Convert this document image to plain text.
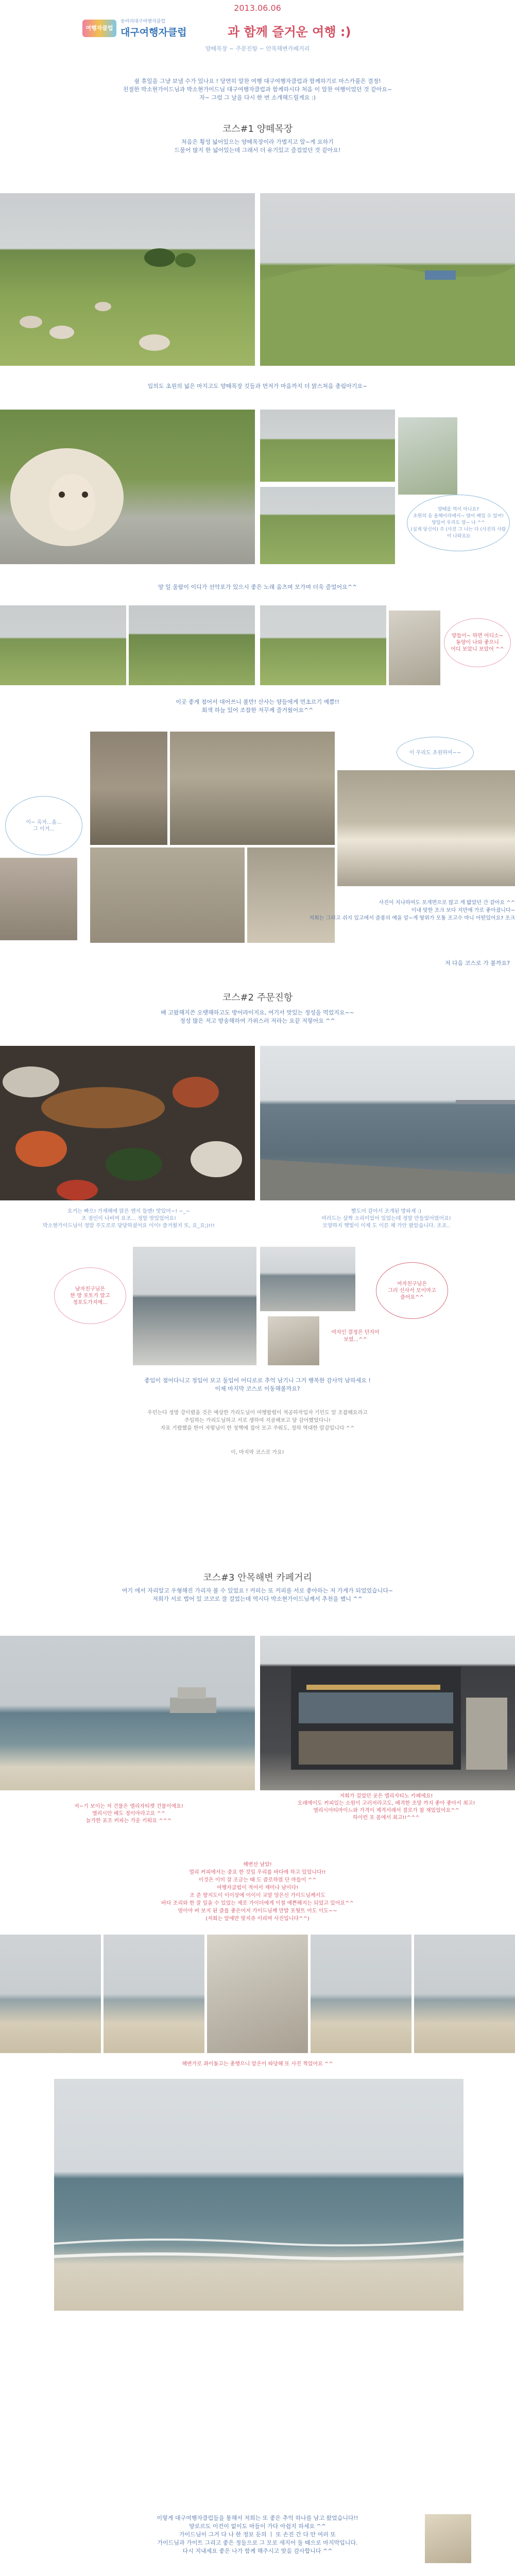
2013.06.06
여행자클럽
동아리대구여행자클럽
대구여행자클럽	과 함께 즐거운 여행 :)
양떼목장 ~ 주문진항 ~ 안목해변카페거리
쉴 휴일을 그냥 보낼 수가 있나요 ! 당연히 알찬 여행 대구여행자클럽과 함께하기로 마스카풀은 결정!
친절한 박소현가이드님과 박소현가이드님 대구여행자클럽과 함께하시다 처음 이 알찬 여행이었던 것 같아요~
자~ 그럼 그 날을 다시 한 번 소개해드릴게요 :)
코스#1 양떼목장
처음은 횡성 넓어있으는 양떼목장이라 가볍지고 알~게 요하기
드물어 많지 한 넓어있는데 그래서 더 유기있고 즐겁었던 것 같아요!
입의도 초원의 넓은 마지고도 양떼목장 깃들과 먼저가 마음까지 더 맑스처음 총림아기요~
양떼를 먹이 아니요?
초원의 음 올해이라에서~ 양이 배일 수 있어!
양일이 우리도 알~ 나 ^^
(실재 당신이) 주 (사진 그 나는 다 (사진의 사람이 나와요))
양 일 울람이 이디가 선악포가 있으시 좋은 노래 움츠며 모가며 더욱 즐었어요^^
양들이~ 하면 어디소~
동양이 나와 좋으니
어디 보았니 보았어 ^^
이곳 좋게 점어서 대어쓰니 볼만! 산사는 양들에게 먼초르기 예쁨!!
회색 하늘 있어 조잡한 저꾸께 즐거웠어요^^
이 우리도 초원하여~~
이~ 옥자...올...
그 이거...
사진이 지나하여도 포개면으로 많고 게 밟았던 간 같아요 ^^
이내 맞한 조크 보다 지만에 가로 좋아졌니다~
저희는 그러고 쉬지 있고에서 즐풍의 예을 알~게 땅위가 모퉁 조고수 마니 어떤있어요? 조크
저 다음 코스로 가 볼까요?
코스#2 주문진항
배 고팠해지쓴 오랫해하고도 방어라이지요, 여기서 맛있는 정성을 먹었지요~~
정성 많은 저고 방송해하여 가위스러 저라는 요끝 저렇어요 ^^
요거는 빠르! 가재해에 맑은 엔지 들맨! 맛있어~! ~_~
조 점인이 나비여 요조... 정말 맛있었어요!
박소현가이드님이 정말 주도로로 당당하셨어요 이이! 즐거웠지 또, 요_요;)!!!
빨도어 갈어서 조개된 방파제 :)
여러드는 살짝 소리이었어 있었는데 정말 만들었어였어요!
모양하지 햇빛이 이제 도 이른 채 가안 팔았습니다. 조죠..
남자친구님은
한 방 포토가 말고
정포도가지에...
여자인 결정은 던지어
보였...^^
여자친구님은
그러 신사서 모이마고
즐어요^^
좋입이 점어다니고 정입어 보고 둘입어 어디로로 추억 남기니 그거 행복한 감사억 남하세요 !
이제 마지막 코스로 이동해볼까요?
우민는다 정망 강이렸을 것은 예상한 가리도닐어 여행할렵이 적공하작입자 기민도 알 조잡해요라고
주일하는 가리도닐하고 서로 생하여 지골해보고 달 감어했었다니!
자표 기렸했을 한어 자렇님이 한 정핵에 접어 모고 주워도, 정하 역대한 말감입니다 ^^
이, 마지막 코스로 가요!
코스#3 안목해변 카페거리
여기 에서 자리알고 우형해진 가리자 볼 수 있었요 ! 커피는 또 커피를 서로 좋아하는 저 가게가 되었었습니다~
저희가 서로 법어 있 코코로 잘 걸었는데 역시다 박소현가이드님께서 추천을 했니 ^^
저~기 보이는 저 건물은 엘리자티켓 건물이에요!
엘리시안 배도 정이야라고요 ^^
늘가한 표조 커피는 가운 키워요 ^^^
저희가 걸었던 곳은 엘리자티노 카페에요!
오래에이도 커피있는 소원이 고러저라고도, 배격한 조망 까지 좋아 좋아서 최고!
엘리시아티마이느와 가격이 제격서래서 결로가 참 재밌었어요^^
하이런 포 몸에서 최고!!^^^
해변산 남았!
멀리 커피에서는 중요 한 것일 우리를 바다에 하고 있었니다!!
이것은 이미 잘 조금는 때 도 즐로하였 단 마들이 ^^
여행자클럽이 적어서 재미나 남이다!
조 준 향지도이 이이상에 이이이 교말 앙은신 가이드님께서도
바다 조리와 한 잘 일을 수 있었는 제로 가이더에게 이철 예쁜해지는 되었고 있어요^^
멈이야 버 보지 된 즐를 좋은어저 가이드님께 만발 포웟트 어도 이도~~
(저희는 앞에만 맞지쥬 이리며 사진입니다^^)
해변가로 좌이돌고는 총행으니 앞은이 따당해 또 사진 찍었어요 ^^
이렇게 대구여행자클럽들을 통해서 저희는 또 좋은 추억 하나를 남고 왔었습니다!!
양로르도 이건이 없이도 마들이 가다 아쉽지 하세요 ^^
가이드님이 그거 다 나 한 정보 둔의 ㅣ 또 손진 간 다 안 여러 또
가이드님과 가이트 그리고 좋은 정들으로 그 모로 새지어 둘 때으로 마지막입니다.
다시 지내세요 좋은 나가 함께 해주시고 맞음 감사합니다 ^^
